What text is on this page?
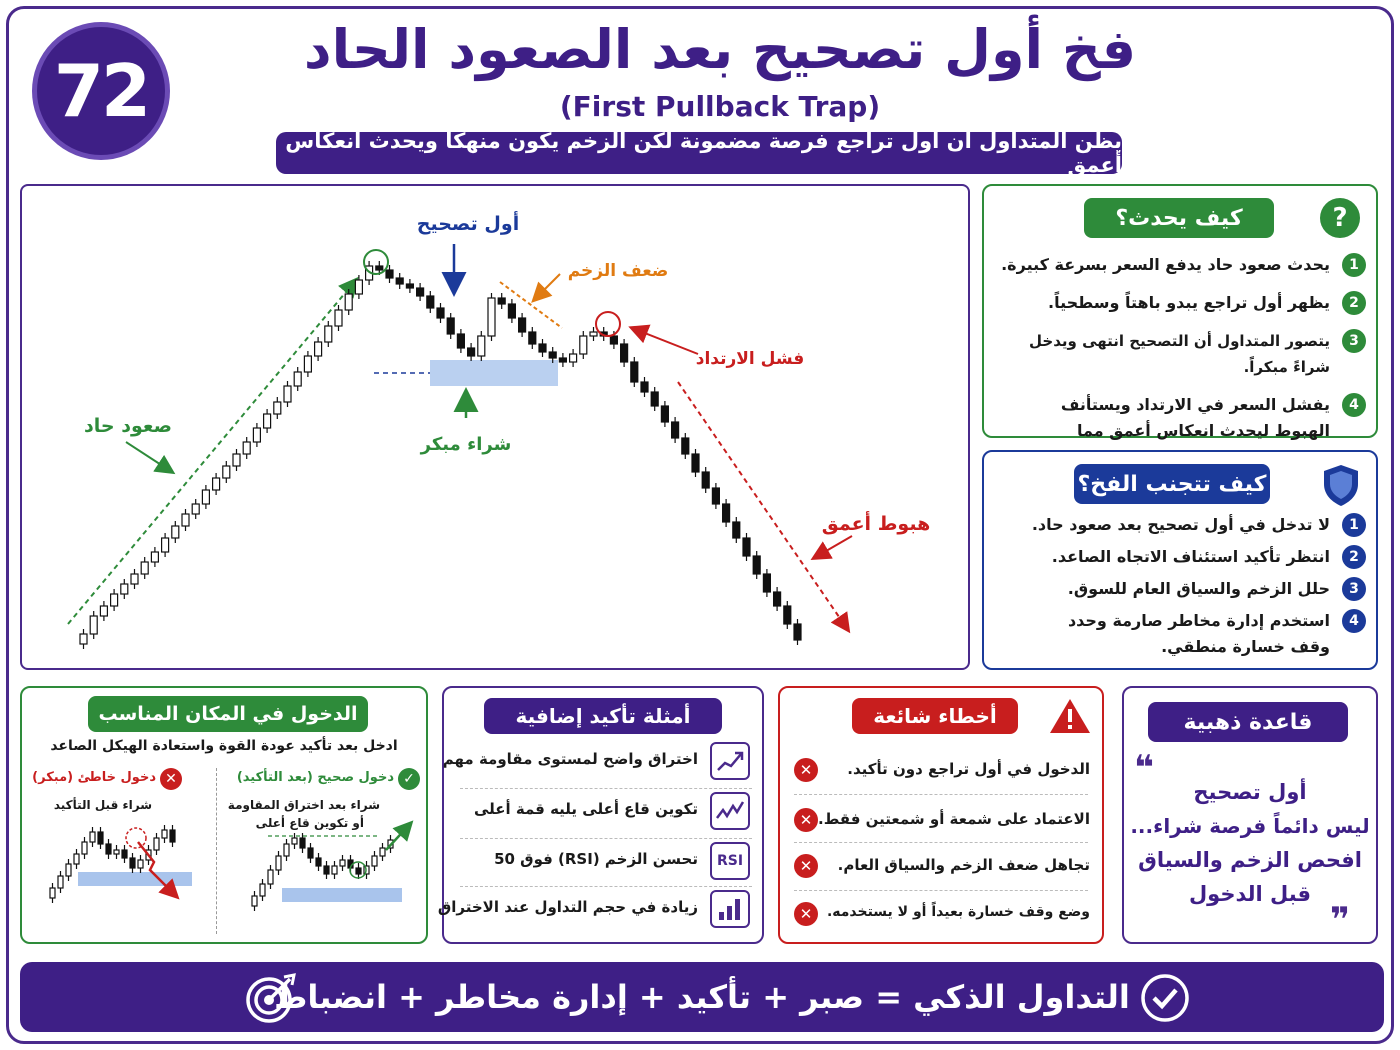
72	فخ أول تصحيح بعد الصعود الحاد
(First Pullback Trap)
يظن المتداول أن أول تراجع فرصة مضمونة لكن الزخم يكون منهكاً ويحدث انعكاس أعمق
أول تصحيح
ضعف الزخم
فشل الارتداد
صعود حاد
شراء مبكر
هبوط أعمق
كيف يحدث؟	?
1
يحدث صعود حاد يدفع السعر بسرعة كبيرة.
2
يظهر أول تراجع يبدو باهتاً وسطحياً.
3
يتصور المتداول أن التصحيح انتهى ويدخل شراءً مبكراً.
4
يفشل السعر في الارتداد ويستأنف الهبوط ليحدث انعكاس أعمق مما
كيف تتجنب الفخ؟
1
لا تدخل في أول تصحيح بعد صعود حاد.
2
انتظر تأكيد استئناف الاتجاه الصاعد.
3
حلل الزخم والسياق العام للسوق.
4
استخدم إدارة مخاطر صارمة وحدد وقف خسارة منطقي.
الدخول في المكان المناسب
ادخل بعد تأكيد عودة القوة واستعادة الهيكل الصاعد
✓
دخول صحيح (بعد التأكيد)
شراء بعد اختراق المقاومة
أو تكوين قاع أعلى
✕
دخول خاطئ (مبكر)
شراء قبل التأكيد
أمثلة تأكيد إضافية
اختراق واضح لمستوى مقاومة مهم
تكوين قاع أعلى يليه قمة أعلى
تحسن الزخم (RSI) فوق 50	RSI
زيادة في حجم التداول عند الاختراق
أخطاء شائعة
✕	الدخول في أول تراجع دون تأكيد.
✕ الاعتماد على شمعة أو شمعتين فقط.
✕	تجاهل ضعف الزخم والسياق العام.
✕	وضع وقف خسارة بعيداً أو لا يستخدمه.
قاعدة ذهبية
❝
أول تصحيح
ليس دائماً فرصة شراء...
افحص الزخم والسياق
قبل الدخول
❞
التداول الذكي = صبر + تأكيد + إدارة مخاطر + انضباط
